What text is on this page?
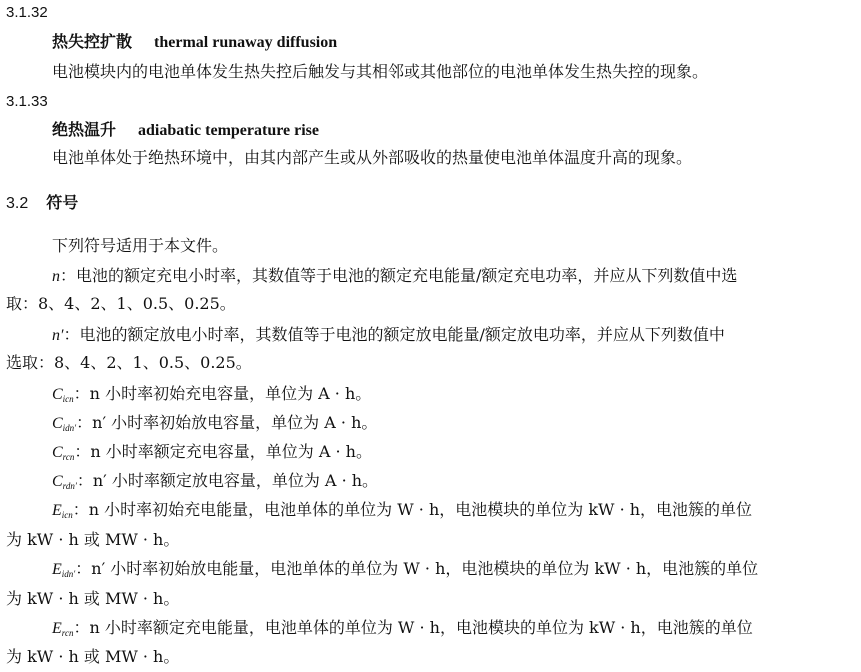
3.1.32
热失控扩散 thermal runaway diffusion
电池模块内的电池单体发生热失控后触发与其相邻或其他部位的电池单体发生热失控的现象。
3.1.33
绝热温升 adiabatic temperature rise
电池单体处于绝热环境中，由其内部产生或从外部吸收的热量使电池单体温度升高的现象。
3.2 符号
下列符号适用于本文件。
n：电池的额定充电小时率，其数值等于电池的额定充电能量/额定充电功率，并应从下列数值中选
取：8、4、2、1、0.5、0.25。
n′：电池的额定放电小时率，其数值等于电池的额定放电能量/额定放电功率，并应从下列数值中
选取：8、4、2、1、0.5、0.25。
$C_{icn}$：n 小时率初始充电容量，单位为 A · h。
$C_{idn'}$：n′ 小时率初始放电容量，单位为 A · h。
$C_{rcn}$：n 小时率额定充电容量，单位为 A · h。
$C_{rdn'}$：n′ 小时率额定放电容量，单位为 A · h。
$E_{icn}$：n 小时率初始充电能量，电池单体的单位为 W · h，电池模块的单位为 kW · h，电池簇的单位
为 kW · h 或 MW · h。
$E_{idn'}$：n′ 小时率初始放电能量，电池单体的单位为 W · h，电池模块的单位为 kW · h，电池簇的单位
为 kW · h 或 MW · h。
$E_{rcn}$：n 小时率额定充电能量，电池单体的单位为 W · h，电池模块的单位为 kW · h，电池簇的单位
为 kW · h 或 MW · h。
